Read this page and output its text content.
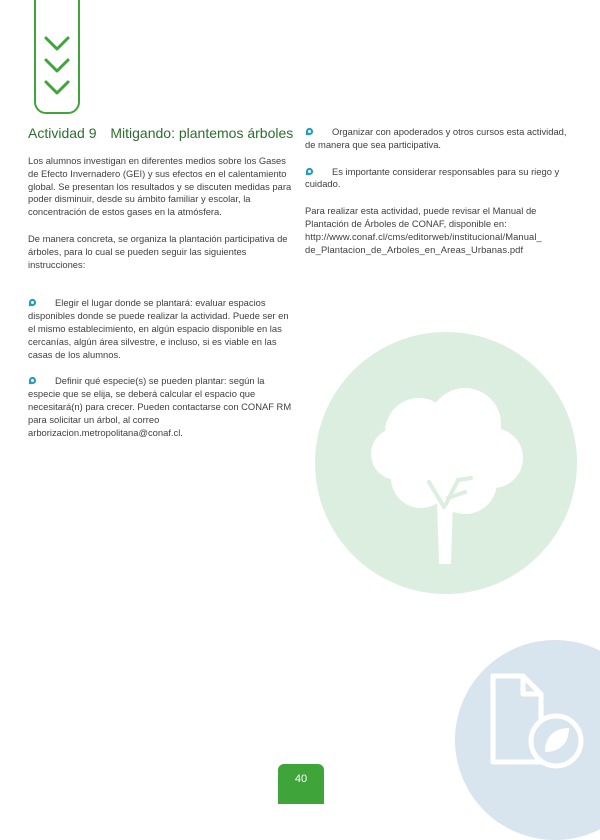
Actividad 9 Mitigando: plantemos árboles

Los alumnos investigan en diferentes medios sobre los Gases de Efecto Invernadero (GEI) y sus efectos en el calentamiento global. Se presentan los resultados y se discuten medidas para poder disminuir, desde su ámbito familiar y escolar, la concentración de estos gases en la atmósfera.

De manera concreta, se organiza la plantación participativa de árboles, para lo cual se pueden seguir las siguientes instrucciones:

Elegir el lugar donde se plantará: evaluar espacios disponibles donde se puede realizar la actividad. Puede ser en el mismo establecimiento, en algún espacio disponible en las cercanías, algún área silvestre, e incluso, si es viable en las casas de los alumnos.

Definir qué especie(s) se pueden plantar: según la especie que se elija, se deberá calcular el espacio que necesitará(n) para crecer. Pueden contactarse con CONAF RM para solicitar un árbol, al correo arborizacion.metropolitana@conaf.cl.

Organizar con apoderados y otros cursos esta actividad, de manera que sea participativa.

Es importante considerar responsables para su riego y cuidado.

Para realizar esta actividad, puede revisar el Manual de Plantación de Árboles de CONAF, disponible en:
http://www.conaf.cl/cms/editorweb/institucional/Manual_
de_Plantacion_de_Arboles_en_Areas_Urbanas.pdf

40
